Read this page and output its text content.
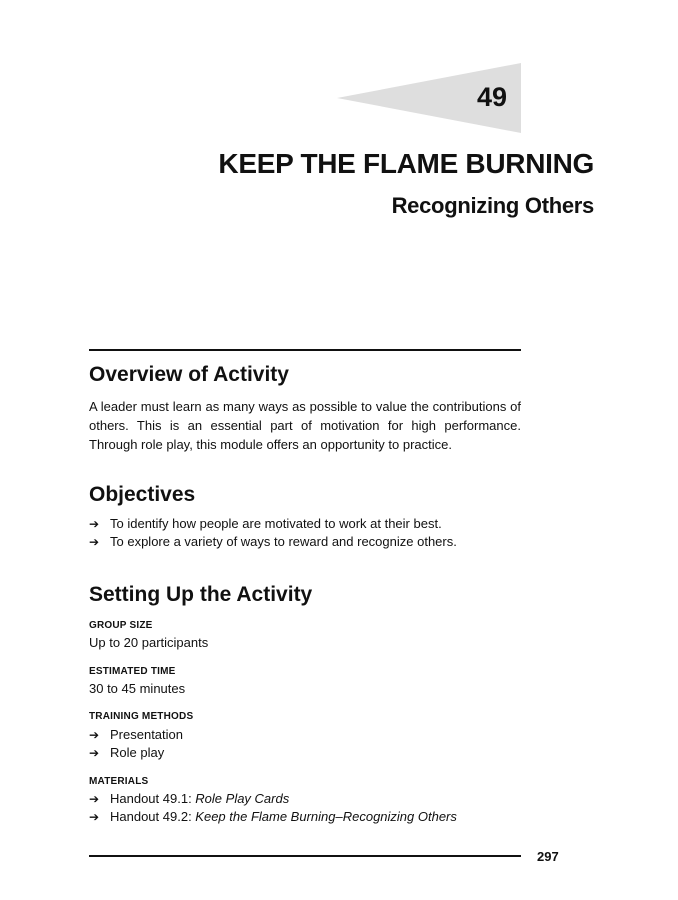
49
KEEP THE FLAME BURNING
Recognizing Others
Overview of Activity

A leader must learn as many ways as possible to value the contributions of others. This is an essential part of motivation for high performance. Through role play, this module offers an opportunity to practice.

Objectives
➔ To identify how people are motivated to work at their best.
➔ To explore a variety of ways to reward and recognize others.
Setting Up the Activity

GROUP SIZE

Up to 20 participants

ESTIMATED TIME

30 to 45 minutes

TRAINING METHODS

➔ Presentation
➔ Role play

MATERIALS

➔ Handout 49.1: Role Play Cards
➔ Handout 49.2: Keep the Flame Burning–Recognizing Others

297
